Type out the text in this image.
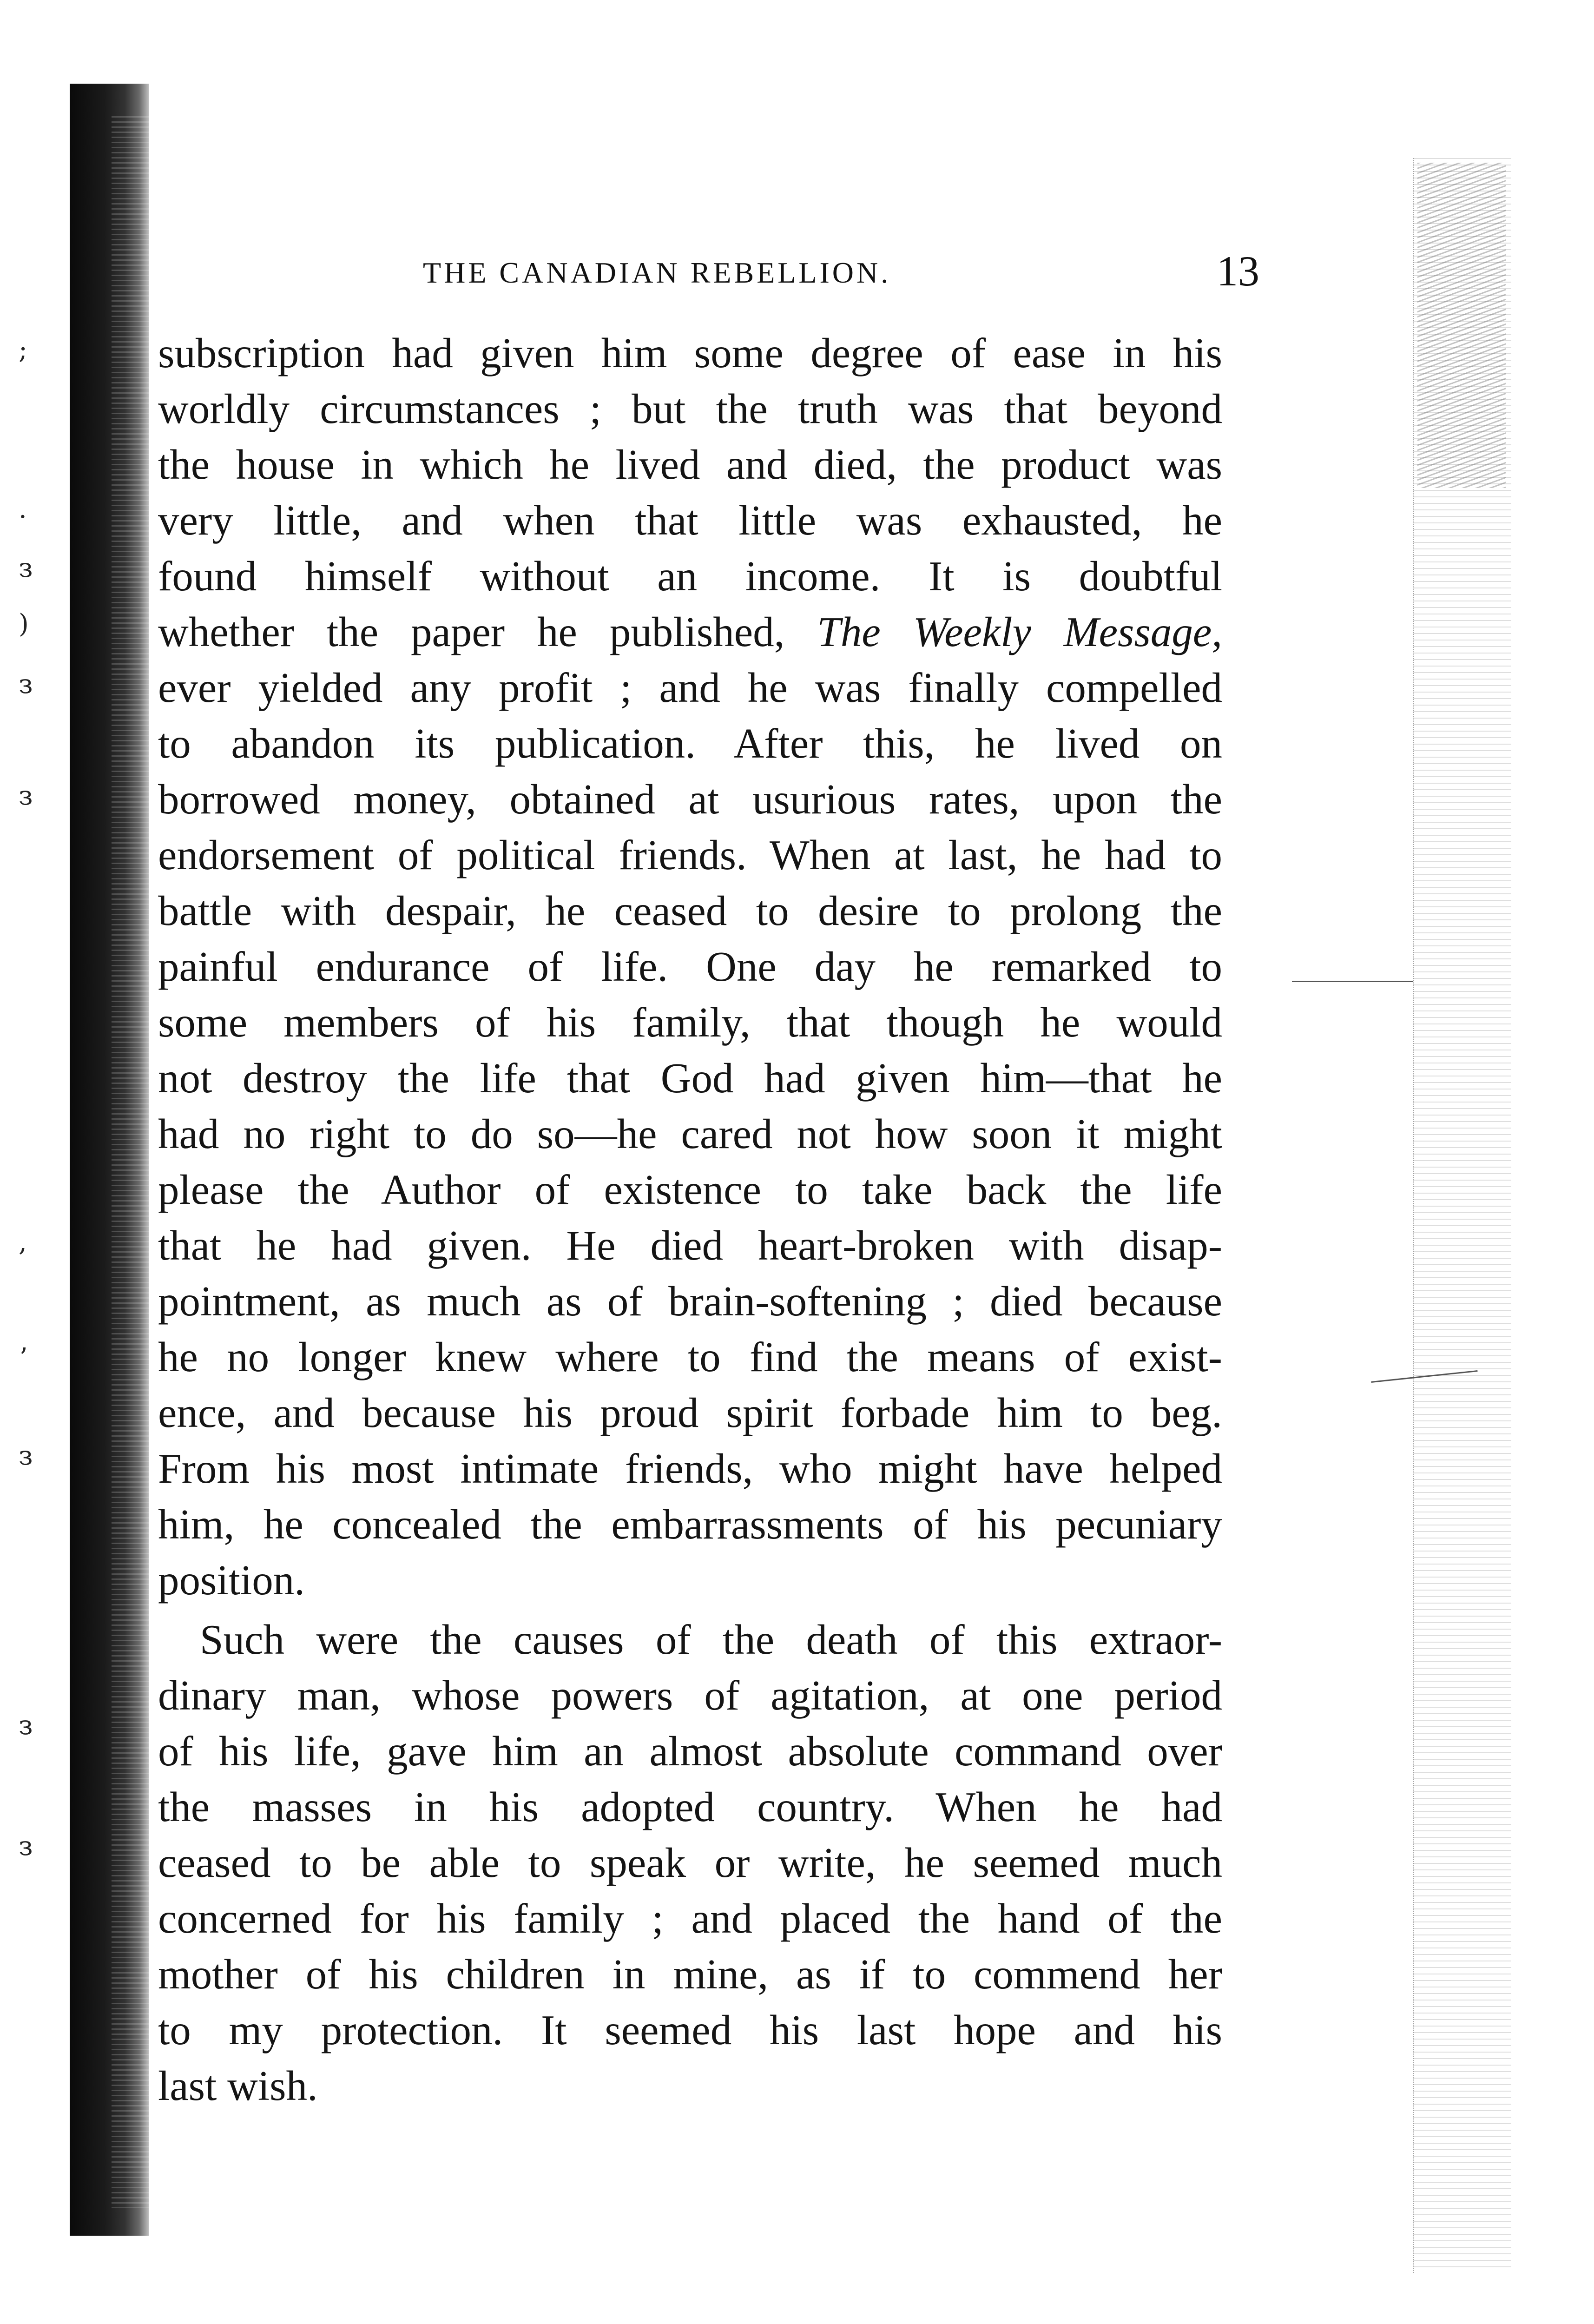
;
·
з
)
з
з
,
ʼ
з
з
з
THE CANADIAN REBELLION.	13
subscription had given him some degree of ease in his
worldly circumstances ; but the truth was that beyond
the house in which he lived and died, the product was
very little, and when that little was exhausted, he
found himself without an income. It is doubtful
whether the paper he published, The Weekly Message,
ever yielded any profit ; and he was finally compelled
to abandon its publication. After this, he lived on
borrowed money, obtained at usurious rates, upon the
endorsement of political friends. When at last, he had to
battle with despair, he ceased to desire to prolong the
painful endurance of life. One day he remarked to
some members of his family, that though he would
not destroy the life that God had given him—that he
had no right to do so—he cared not how soon it might
please the Author of existence to take back the life
that he had given. He died heart-broken with disap-
pointment, as much as of brain-softening ; died because
he no longer knew where to find the means of exist-
ence, and because his proud spirit forbade him to beg.
From his most intimate friends, who might have helped
him, he concealed the embarrassments of his pecuniary
position.
Such were the causes of the death of this extraor-
dinary man, whose powers of agitation, at one period
of his life, gave him an almost absolute command over
the masses in his adopted country. When he had
ceased to be able to speak or write, he seemed much
concerned for his family ; and placed the hand of the
mother of his children in mine, as if to commend her
to my protection. It seemed his last hope and his
last wish.
